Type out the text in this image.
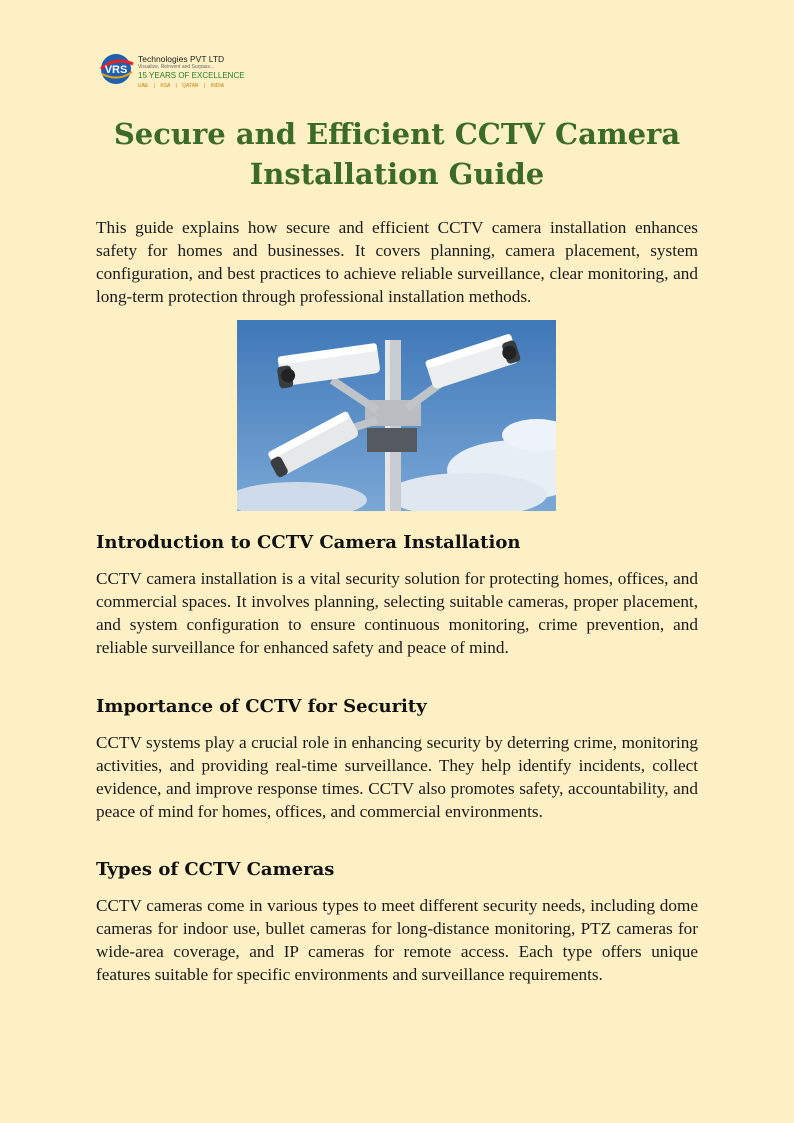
VRS
Technologies PVT LTD
Visualize, Reinvent and Surpass...
15 YEARS OF EXCELLENCE
UAE | KSA | QATAR | INDIA
Secure and Efficient CCTV Camera Installation Guide

This guide explains how secure and efficient CCTV camera installation enhances safety for homes and businesses. It covers planning, camera placement, system configuration, and best practices to achieve reliable surveillance, clear monitoring, and long-term protection through professional installation methods.

Introduction to CCTV Camera Installation

CCTV camera installation is a vital security solution for protecting homes, offices, and commercial spaces. It involves planning, selecting suitable cameras, proper placement, and system configuration to ensure continuous monitoring, crime prevention, and reliable surveillance for enhanced safety and peace of mind.

Importance of CCTV for Security

CCTV systems play a crucial role in enhancing security by deterring crime, monitoring activities, and providing real-time surveillance. They help identify incidents, collect evidence, and improve response times. CCTV also promotes safety, accountability, and peace of mind for homes, offices, and commercial environments.

Types of CCTV Cameras

CCTV cameras come in various types to meet different security needs, including dome cameras for indoor use, bullet cameras for long-distance monitoring, PTZ cameras for wide-area coverage, and IP cameras for remote access. Each type offers unique features suitable for specific environments and surveillance requirements.
